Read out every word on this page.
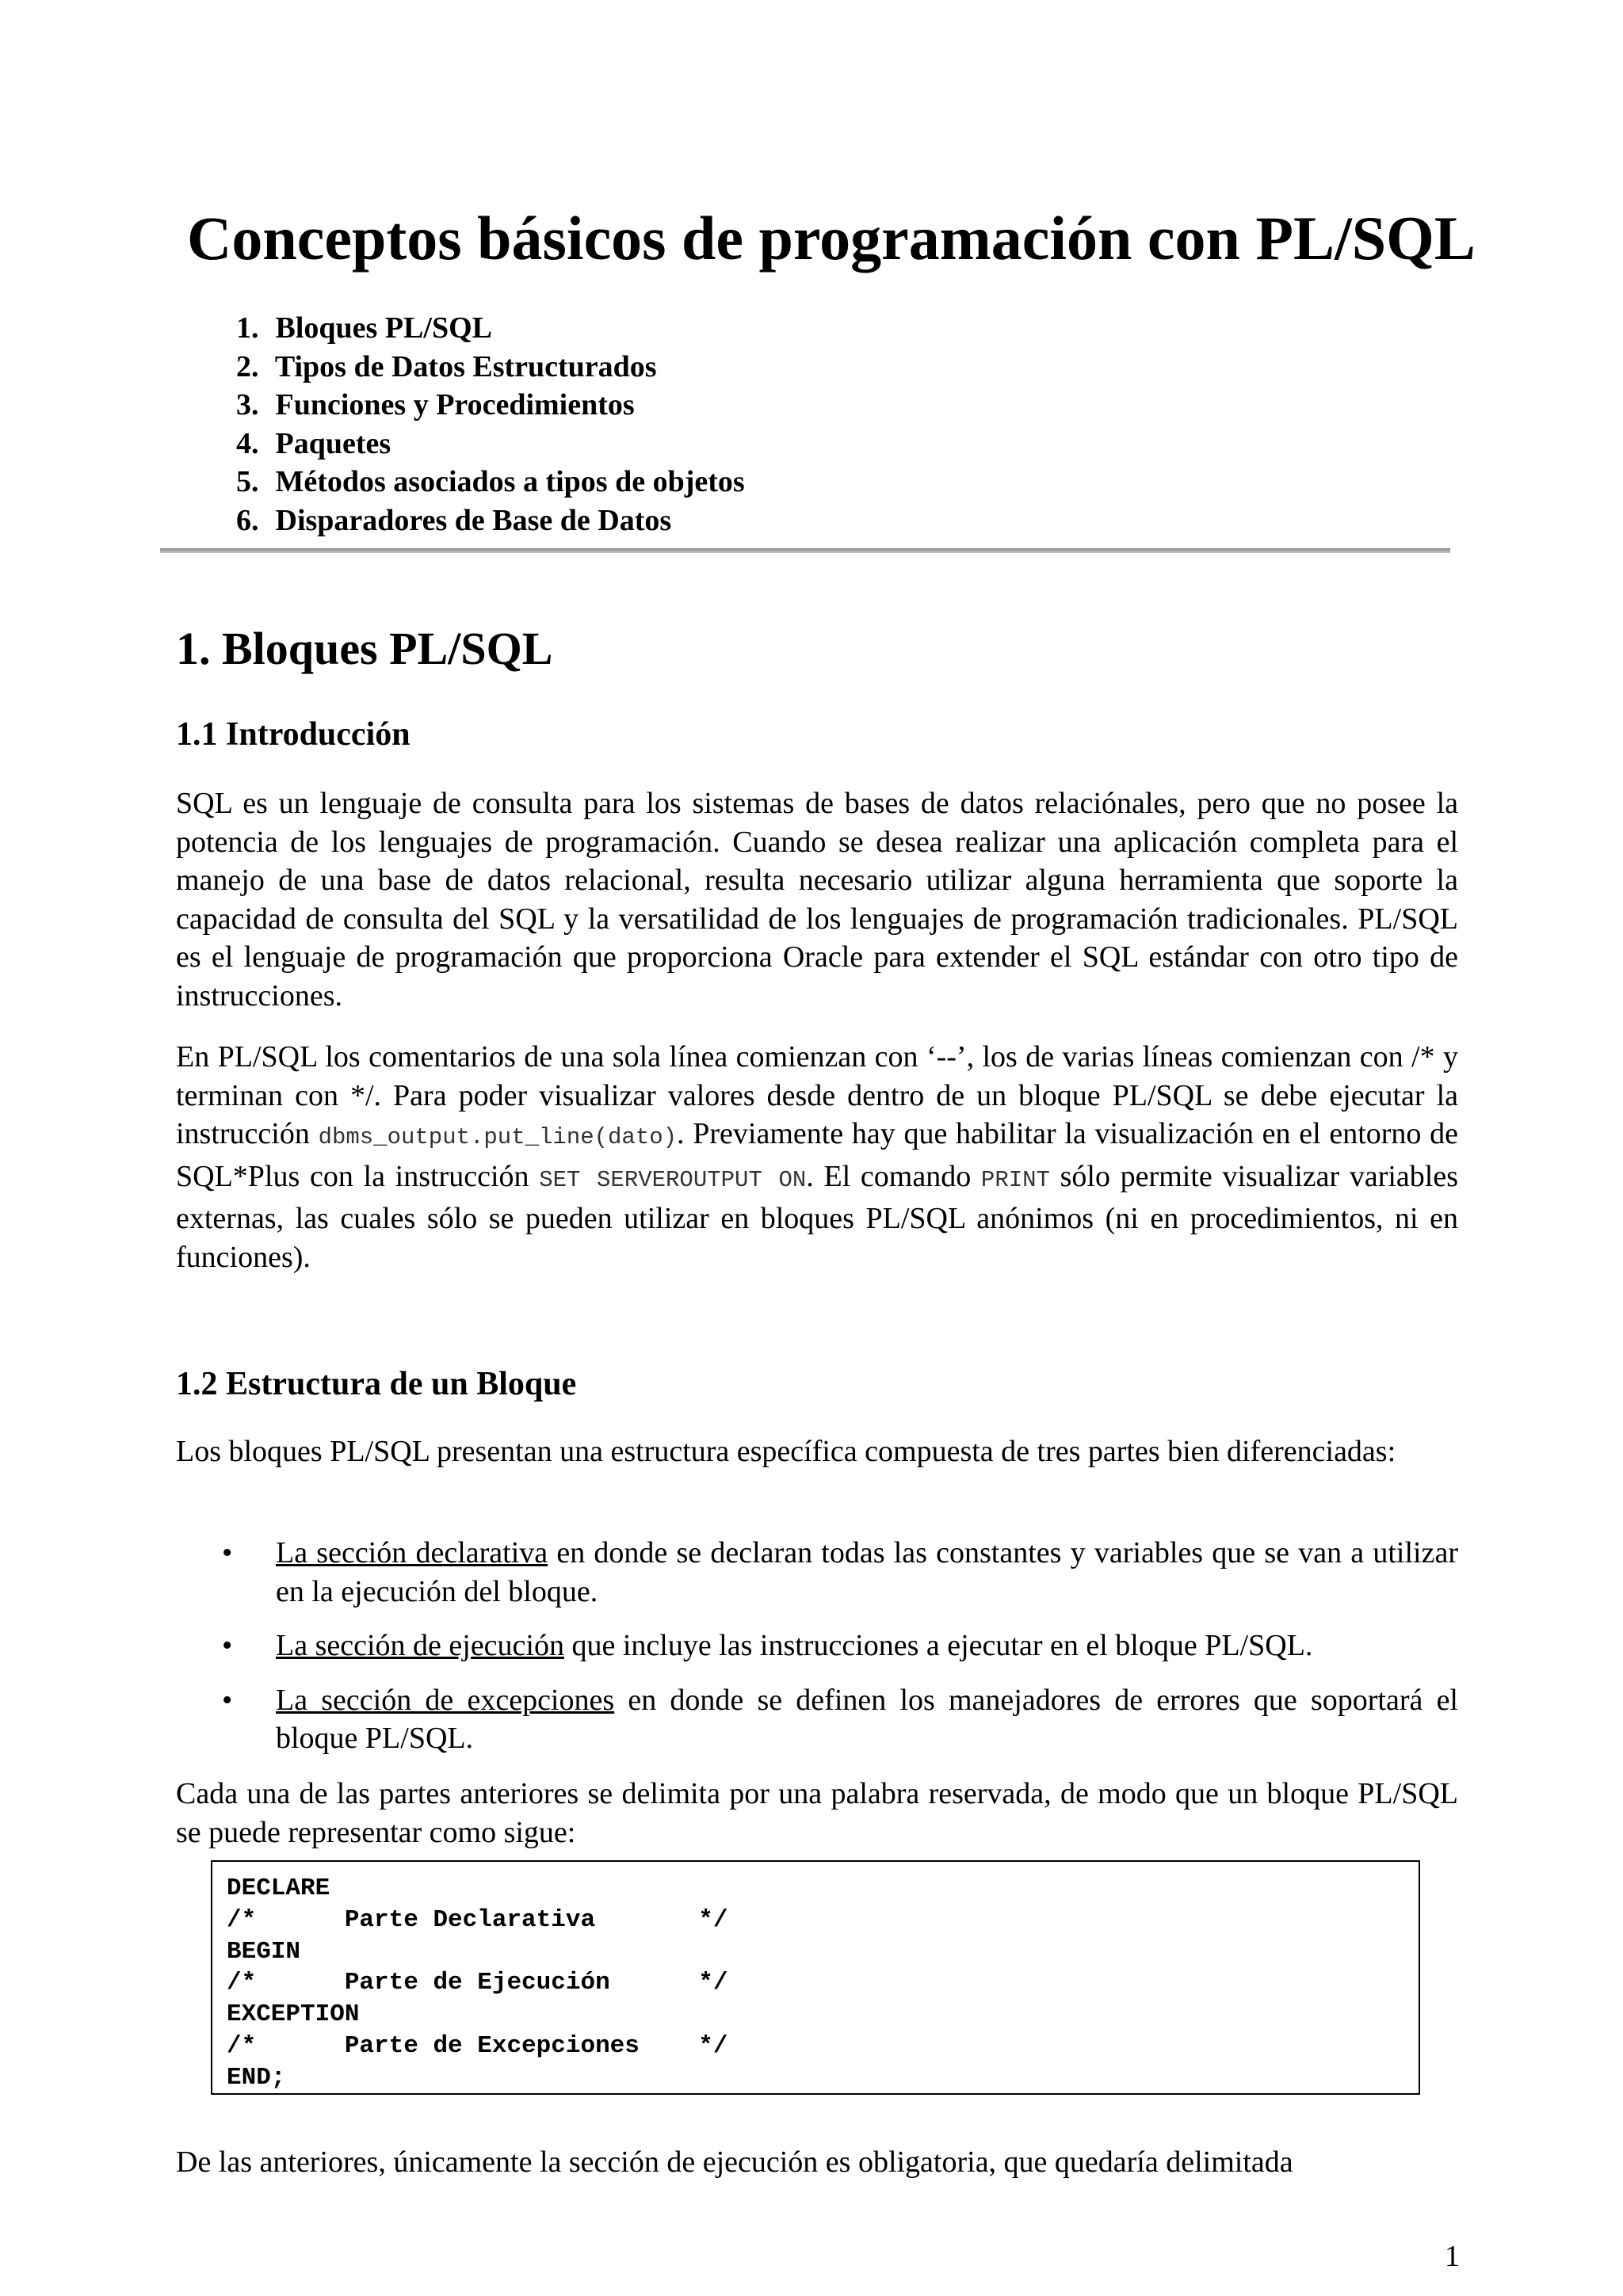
Conceptos básicos de programación con PL/SQL
1. Bloques PL/SQL
2. Tipos de Datos Estructurados
3. Funciones y Procedimientos
4. Paquetes
5. Métodos asociados a tipos de objetos
6. Disparadores de Base de Datos
1. Bloques PL/SQL
1.1 Introducción

SQL es un lenguaje de consulta para los sistemas de bases de datos relaciónales, pero que no posee la potencia de los lenguajes de programación. Cuando se desea realizar una aplicación completa para el manejo de una base de datos relacional, resulta necesario utilizar alguna herramienta que soporte la capacidad de consulta del SQL y la versatilidad de los lenguajes de programación tradicionales. PL/SQL es el lenguaje de programación que proporciona Oracle para extender el SQL estándar con otro tipo de instrucciones.

En PL/SQL los comentarios de una sola línea comienzan con ‘--’, los de varias líneas comienzan con /* y terminan con */. Para poder visualizar valores desde dentro de un bloque PL/SQL se debe ejecutar la instrucción dbms_output.put_line(dato). Previamente hay que habilitar la visualización en el entorno de SQL*Plus con la instrucción SET SERVEROUTPUT ON. El comando PRINT sólo permite visualizar variables externas, las cuales sólo se pueden utilizar en bloques PL/SQL anónimos (ni en procedimientos, ni en funciones).

1.2 Estructura de un Bloque

Los bloques PL/SQL presentan una estructura específica compuesta de tres partes bien diferenciadas:

• La sección declarativa en donde se declaran todas las constantes y variables que se van a utilizar en la ejecución del bloque.
• La sección de ejecución que incluye las instrucciones a ejecutar en el bloque PL/SQL.
• La sección de excepciones en donde se definen los manejadores de errores que soportará el bloque PL/SQL.

Cada una de las partes anteriores se delimita por una palabra reservada, de modo que un bloque PL/SQL se puede representar como sigue:

DECLARE

/*      Parte Declarativa       */

BEGIN

/*      Parte de Ejecución      */

EXCEPTION

/*      Parte de Excepciones    */

END;

De las anteriores, únicamente la sección de ejecución es obligatoria, que quedaría delimitada

1
